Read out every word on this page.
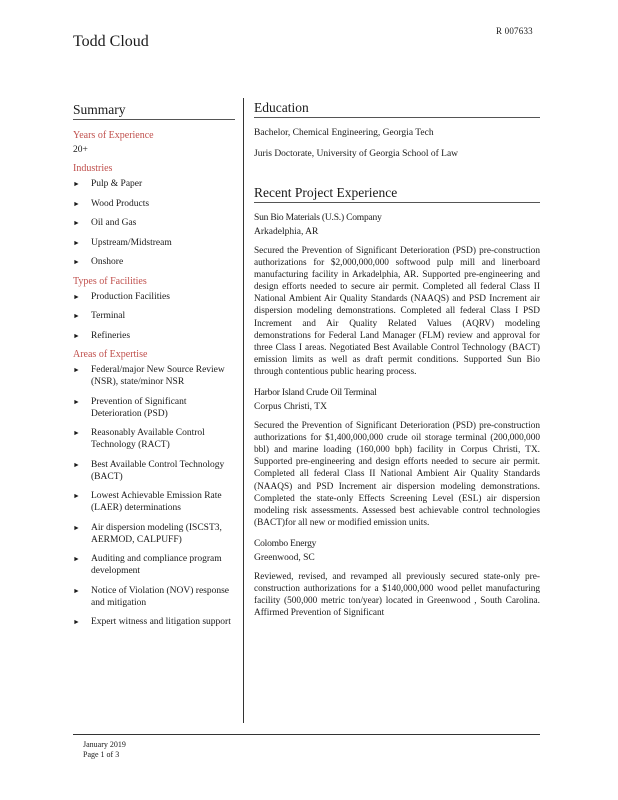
R 007633
Todd Cloud
Summary
Years of Experience
20+
Industries
► Pulp & Paper
► Wood Products
► Oil and Gas
► Upstream/Midstream
► Onshore
Types of Facilities
► Production Facilities
► Terminal
► Refineries
Areas of Expertise
► Federal/major New Source Review (NSR), state/minor NSR
► Prevention of Significant Deterioration (PSD)
► Reasonably Available Control Technology (RACT)
► Best Available Control Technology (BACT)
► Lowest Achievable Emission Rate (LAER) determinations
► Air dispersion modeling (ISCST3, AERMOD, CALPUFF)
► Auditing and compliance program development
► Notice of Violation (NOV) response and mitigation
► Expert witness and litigation support
Education
Bachelor, Chemical Engineering, Georgia Tech
Juris Doctorate, University of Georgia School of Law
Recent Project Experience
Sun Bio Materials (U.S.) Company
Arkadelphia, AR
Secured the Prevention of Significant Deterioration (PSD) pre-construction authorizations for $2,000,000,000 softwood pulp mill and linerboard manufacturing facility in Arkadelphia, AR. Supported pre-engineering and design efforts needed to secure air permit. Completed all federal Class II National Ambient Air Quality Standards (NAAQS) and PSD Increment air dispersion modeling demonstrations. Completed all federal Class I PSD Increment and Air Quality Related Values (AQRV) modeling demonstrations for Federal Land Manager (FLM) review and approval for three Class I areas. Negotiated Best Available Control Technology (BACT) emission limits as well as draft permit conditions. Supported Sun Bio through contentious public hearing process.
Harbor Island Crude Oil Terminal
Corpus Christi, TX
Secured the Prevention of Significant Deterioration (PSD) pre-construction authorizations for $1,400,000,000 crude oil storage terminal (200,000,000 bbl) and marine loading (160,000 bph) facility in Corpus Christi, TX. Supported pre-engineering and design efforts needed to secure air permit. Completed all federal Class II National Ambient Air Quality Standards (NAAQS) and PSD Increment air dispersion modeling demonstrations. Completed the state-only Effects Screening Level (ESL) air dispersion modeling risk assessments. Assessed best achievable control technologies (BACT)for all new or modified emission units.
Colombo Energy
Greenwood, SC
Reviewed, revised, and revamped all previously secured state-only pre-construction authorizations for a $140,000,000 wood pellet manufacturing facility (500,000 metric ton/year) located in Greenwood , South Carolina. Affirmed Prevention of Significant
January 2019
Page 1 of 3
